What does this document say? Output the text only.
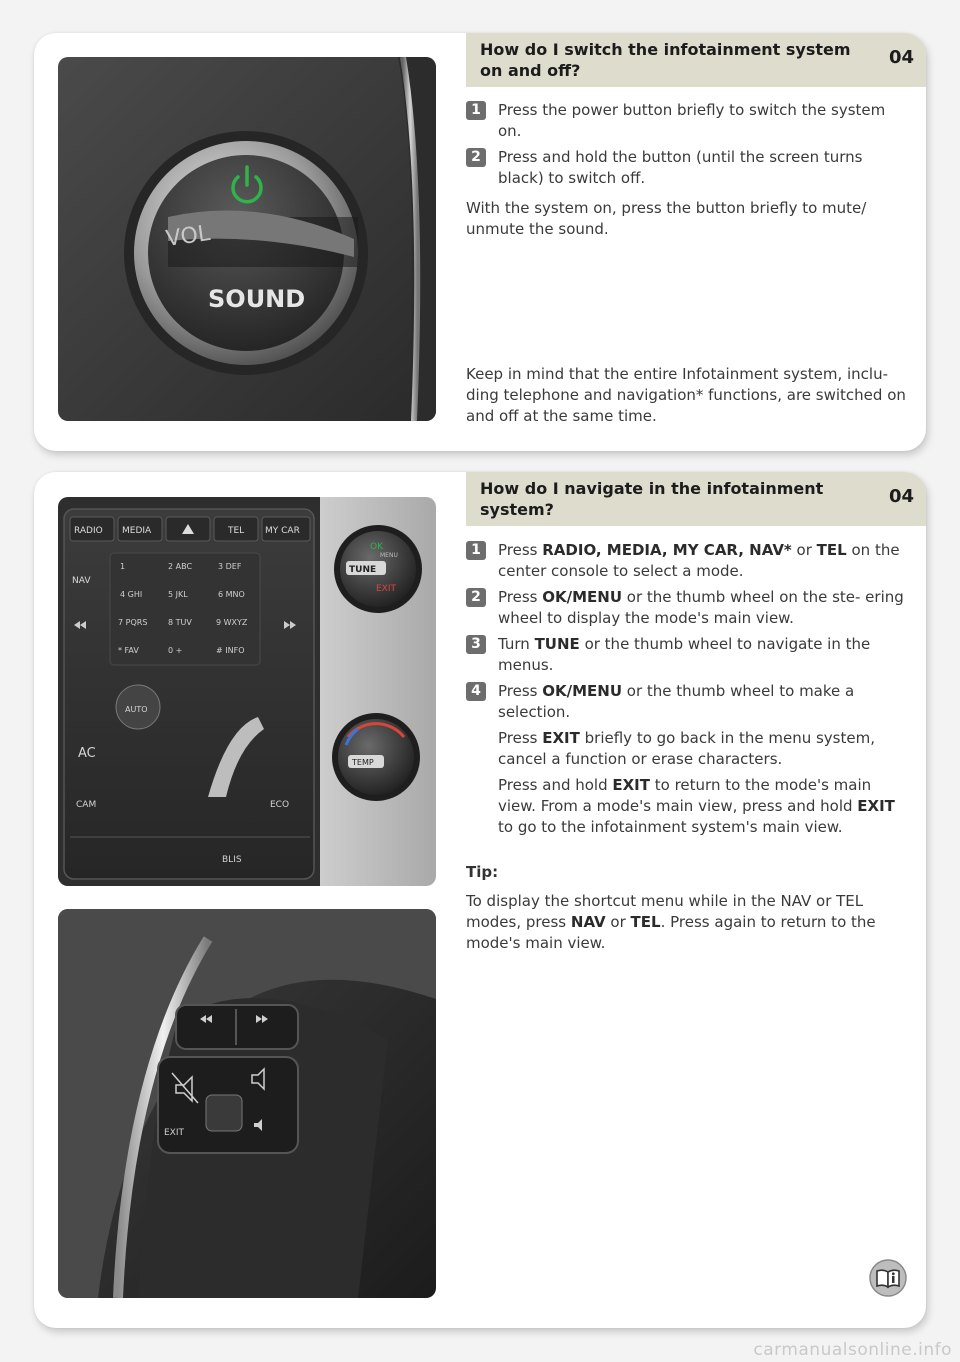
How do I switch the infotainment system on and off?
04
VOL
SOUND
1	Press the power button briefly to switch the system on.
2	Press and hold the button (until the screen turns black) to switch off.

With the system on, press the button briefly to mute/ unmute the sound.

Keep in mind that the entire Infotainment system, inclu- ding telephone and navigation* functions, are switched on and off at the same time.
How do I navigate in the infotainment system?
04
RADIO MEDIA	TEL MY CAR
NAV
1	2 ABC	3 DEF
4 GHI	5 JKL	6 MNO
7 PQRS	8 TUV	9 WXYZ
* FAV	0 +	# INFO
AUTO
AC
CAM	ECO
BLIS
OK
MENU
TUNE
EXIT
TEMP
EXIT
1	Press RADIO, MEDIA, MY CAR, NAV* or TEL on the center console to select a mode.
2	Press OK/MENU or the thumb wheel on the ste- ering wheel to display the mode's main view.
3	Turn TUNE or the thumb wheel to navigate in the menus.
4	Press OK/MENU or the thumb wheel to make a selection.
Press EXIT briefly to go back in the menu system, cancel a function or erase characters.
Press and hold EXIT to return to the mode's main view. From a mode's main view, press and hold EXIT to go to the infotainment system's main view.
Tip:

To display the shortcut menu while in the NAV or TEL modes, press NAV or TEL. Press again to return to the mode's main view.

carmanualsonline.info
